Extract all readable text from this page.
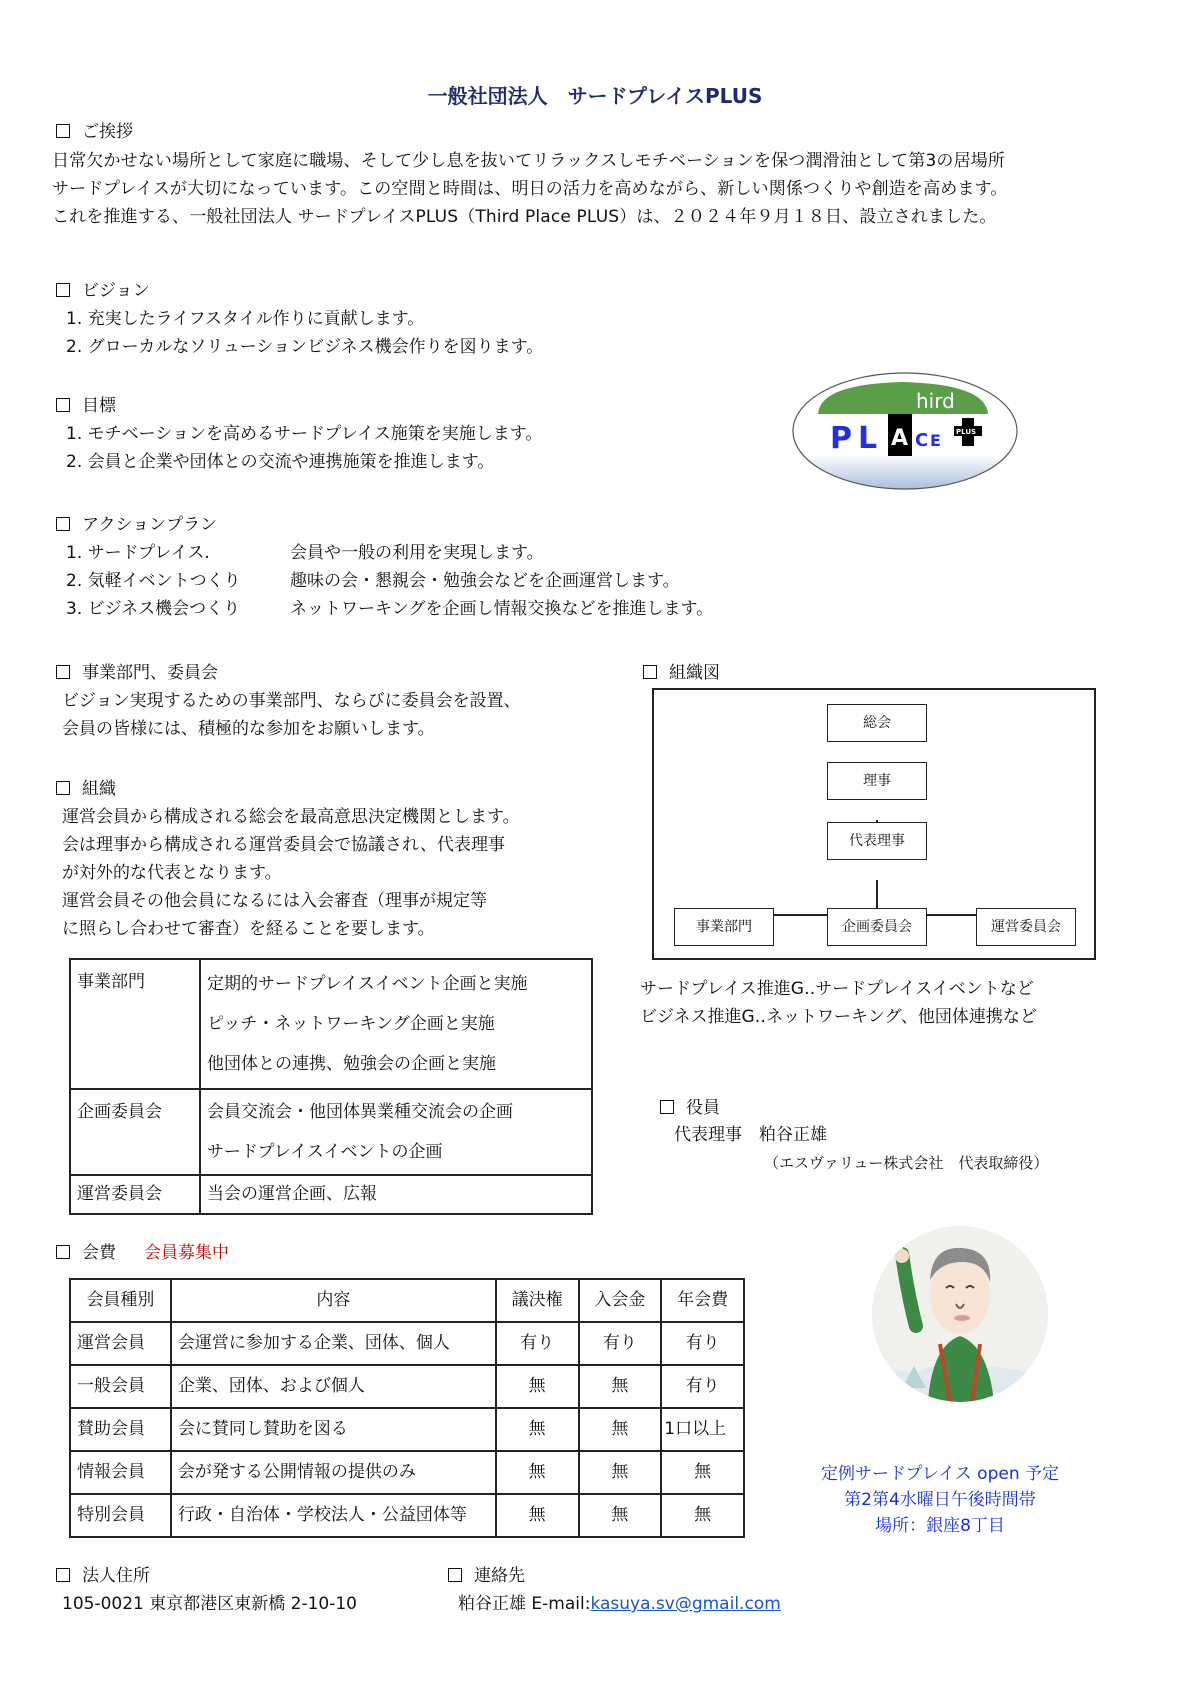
一般社団法人　サードプレイスPLUS
ご挨拶
日常欠かせない場所として家庭に職場、そして少し息を抜いてリラックスしモチベーションを保つ潤滑油として第3の居場所
サードプレイスが大切になっています。この空間と時間は、明日の活力を高めながら、新しい関係つくりや創造を高めます。
これを推進する、一般社団法人 サードプレイスPLUS（Third Place PLUS）は、２０２４年９月１８日、設立されました。
ビジョン
1. 充実したライフスタイル作りに貢献します。
2. グローカルなソリューションビジネス機会作りを図ります。
目標
1. モチベーションを高めるサードプレイス施策を実施します。
2. 会員と企業や団体との交流や連携施策を推進します。
hird
P L A C E PLUS
アクションプラン
1. サードプレイス.	会員や一般の利用を実現します。
2. 気軽イベントつくり	趣味の会・懇親会・勉強会などを企画運営します。
3. ビジネス機会つくり	ネットワーキングを企画し情報交換などを推進します。
事業部門、委員会
ビジョン実現するための事業部門、ならびに委員会を設置、
会員の皆様には、積極的な参加をお願いします。
組織
運営会員から構成される総会を最高意思決定機関とします。
会は理事から構成される運営委員会で協議され、代表理事
が対外的な代表となります。
運営会員その他会員になるには入会審査（理事が規定等
に照らし合わせて審査）を経ることを要します。
事業部門	定期的サードプレイスイベント企画と実施
ピッチ・ネットワーキング企画と実施
他団体との連携、勉強会の企画と実施

企画委員会	会員交流会・他団体異業種交流会の企画
サードプレイスイベントの企画

運営委員会	当会の運営企画、広報
組織図
総会
理事
代表理事
事業部門	企画委員会	運営委員会
サードプレイス推進G‥サードプレイスイベントなど
ビジネス推進G‥ネットワーキング、他団体連携など
役員
代表理事　粕谷正雄
（エスヴァリュー株式会社　代表取締役）
会費 会員募集中
会員種別	内容	議決権	入会金	年会費
運営会員	会運営に参加する企業、団体、個人	有り	有り	有り
一般会員	企業、団体、および個人	無	無	有り
賛助会員	会に賛同し賛助を図る	無	無	1口以上
情報会員	会が発する公開情報の提供のみ	無	無	無
特別会員	行政・自治体・学校法人・公益団体等	無	無	無
定例サードプレイス open 予定
第2第4水曜日午後時間帯
場所：銀座8丁目
法人住所
105-0021 東京都港区東新橋 2-10-10
連絡先
粕谷正雄 E-mail:kasuya.sv@gmail.com
